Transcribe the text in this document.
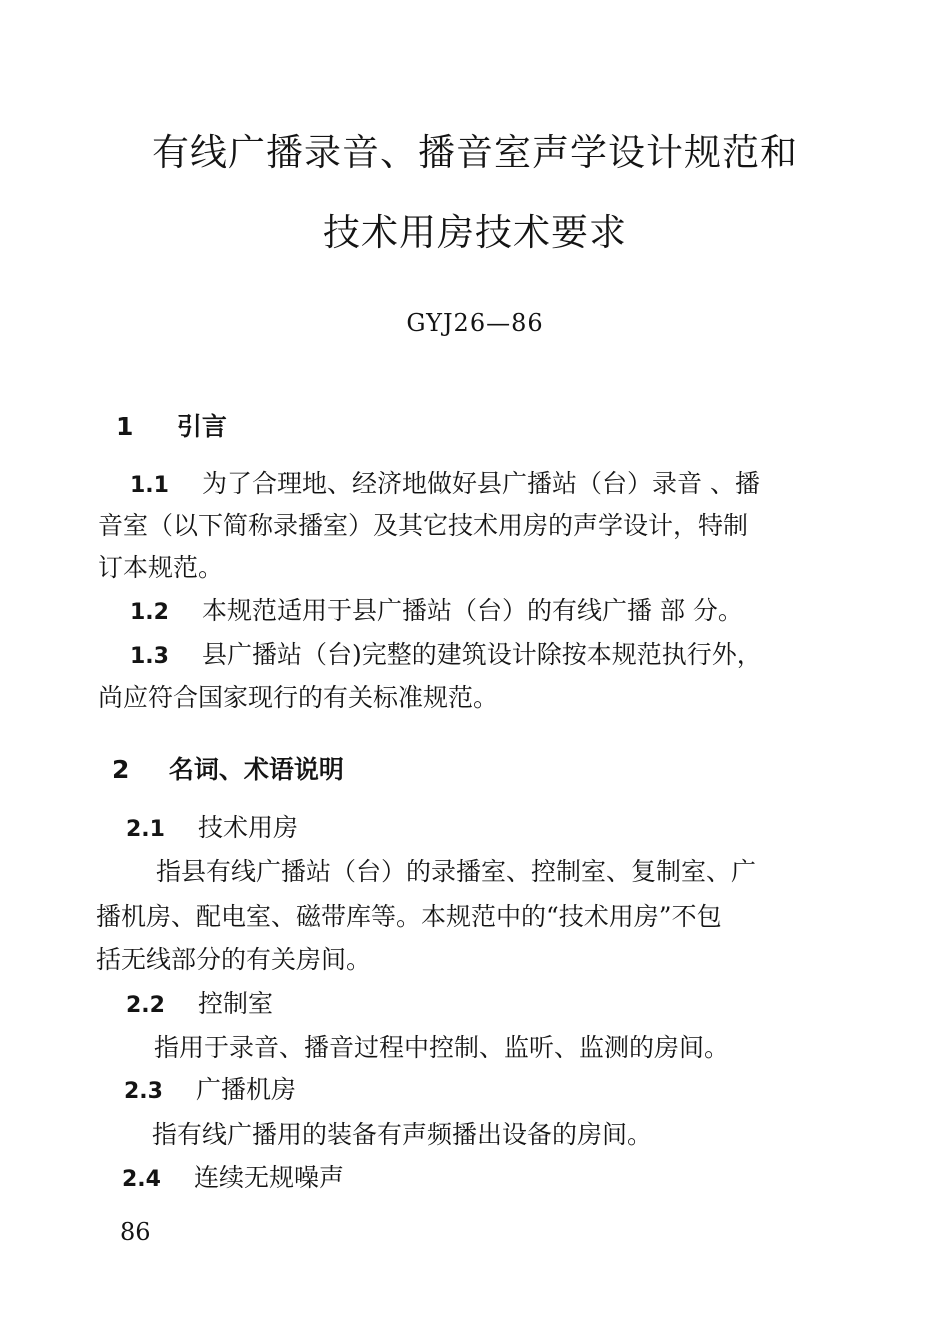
有线广播录音、播音室声学设计规范和
技术用房技术要求
GYJ26—86
1 引言
1.1 为了合理地、经济地做好县广播站（台）录音 、播
音室（以下简称录播室）及其它技术用房的声学设计，特制
订本规范。
1.2 本规范适用于县广播站（台）的有线广播 部 分。
1.3 县广播站（台)完整的建筑设计除按本规范执行外，
尚应符合国家现行的有关标准规范。
2 名词、术语说明
2.1 技术用房
指县有线广播站（台）的录播室、控制室、复制室、广
播机房、配电室、磁带库等。本规范中的“技术用房”不包
括无线部分的有关房间。
2.2 控制室
指用于录音、播音过程中控制、监听、监测的房间。
2.3 广播机房
指有线广播用的装备有声频播出设备的房间。
2.4 连续无规噪声
86
